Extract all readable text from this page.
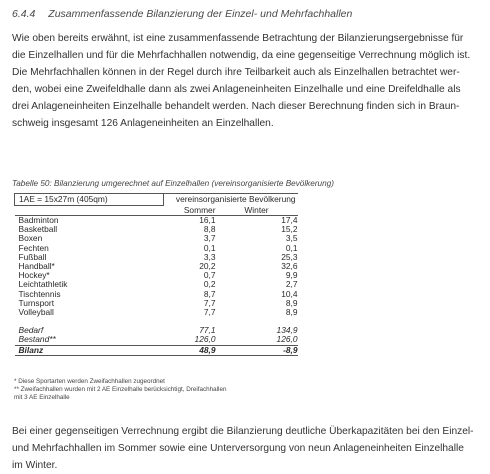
6.4.4 Zusammenfassende Bilanzierung der Einzel- und Mehrfachhallen
Wie oben bereits erwähnt, ist eine zusammenfassende Betrachtung der Bilanzierungsergebnisse für
die Einzelhallen und für die Mehrfachhallen notwendig, da eine gegenseitige Verrechnung möglich ist.
Die Mehrfachhallen können in der Regel durch ihre Teilbarkeit auch als Einzelhallen betrachtet wer-
den, wobei eine Zweifeldhalle dann als zwei Anlageneinheiten Einzelhalle und eine Dreifeldhalle als
drei Anlageneinheiten Einzelhalle behandelt werden. Nach dieser Berechnung finden sich in Braun-
schweig insgesamt 126 Anlageneinheiten an Einzelhallen.
Tabelle 50: Bilanzierung umgerechnet auf Einzelhallen (vereinsorganisierte Bevölkerung)
1AE = 15x27m (405qm)	vereinsorganisierte Bevölkerung	
	Sommer	Winter
Badminton	16,1	17,4
Basketball	8,8	15,2
Boxen	3,7	3,5
Fechten	0,1	0,1
Fußball	3,3	25,3
Handball*	20,2	32,6
Hockey*	0,7	9,9
Leichtathletik	0,2	2,7
Tischtennis	8,7	10,4
Turnsport	7,7	8,9
Volleyball	7,7	8,9

Bedarf	77,1	134,9
Bestand**	126,0	126,0
Bilanz	48,9	-8,9
* Diese Sportarten werden Zweifachhallen zugeordnet
** Zweifachhallen wurden mit 2 AE Einzelhalle berücksichtigt, Dreifachhallen
mit 3 AE Einzelhalle
Bei einer gegenseitigen Verrechnung ergibt die Bilanzierung deutliche Überkapazitäten bei den Einzel-
und Mehrfachhallen im Sommer sowie eine Unterversorgung von neun Anlageneinheiten Einzelhalle
im Winter.
